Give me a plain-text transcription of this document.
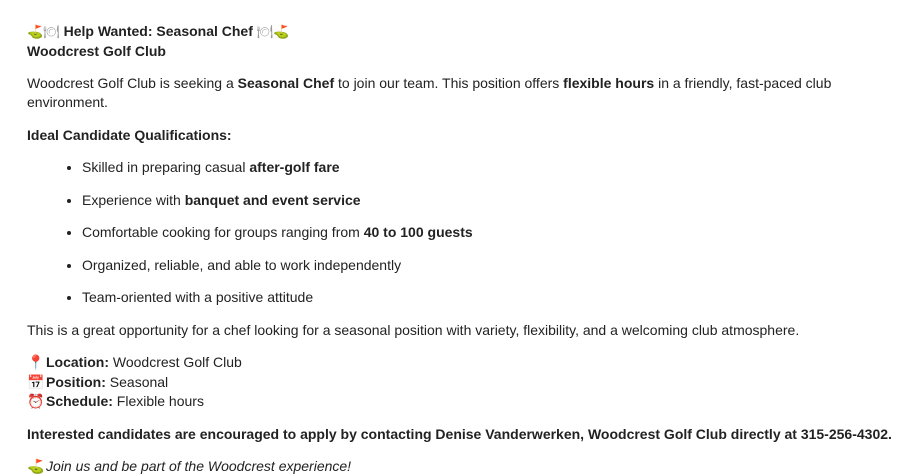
⛳🍽 Help Wanted: Seasonal Chef 🍽⛳
Woodcrest Golf Club

Woodcrest Golf Club is seeking a Seasonal Chef to join our team. This position offers flexible hours in a friendly, fast-paced club environment.

Ideal Candidate Qualifications:

• Skilled in preparing casual after-golf fare
• Experience with banquet and event service
• Comfortable cooking for groups ranging from 40 to 100 guests
• Organized, reliable, and able to work independently
• Team-oriented with a positive attitude

This is a great opportunity for a chef looking for a seasonal position with variety, flexibility, and a welcoming club atmosphere.

📍 Location: Woodcrest Golf Club
📅 Position: Seasonal
⏰ Schedule: Flexible hours

Interested candidates are encouraged to apply by contacting Denise Vanderwerken, Woodcrest Golf Club directly at 315-256-4302.

⛳ Join us and be part of the Woodcrest experience!
